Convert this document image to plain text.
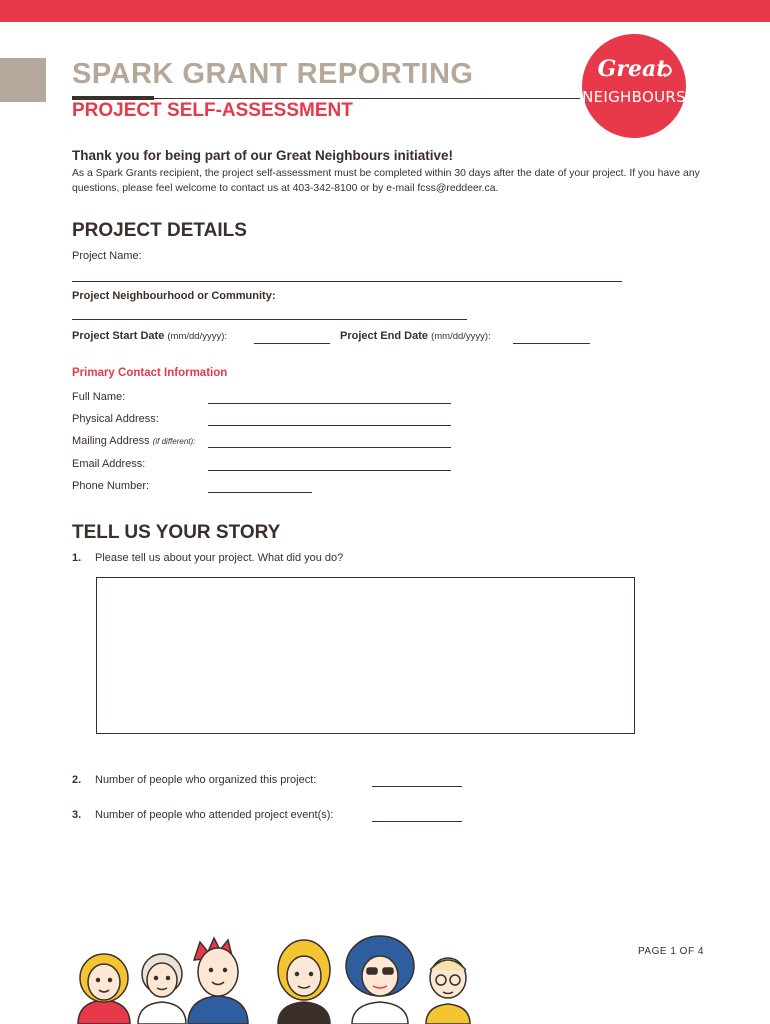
Great
NEIGHBOURS
SPARK GRANT REPORTING
PROJECT SELF-ASSESSMENT
Thank you for being part of our Great Neighbours initiative!
As a Spark Grants recipient, the project self-assessment must be completed within 30 days after the date of your project. If you have any questions, please feel welcome to contact us at 403-342-8100 or by e-mail fcss@reddeer.ca.
PROJECT DETAILS
Project Name:
Project Neighbourhood or Community:
Project Start Date (mm/dd/yyyy):	Project End Date (mm/dd/yyyy):
Primary Contact Information
Full Name:
Physical Address:
Mailing Address (if different):
Email Address:
Phone Number:
TELL US YOUR STORY
1. Please tell us about your project. What did you do?
2. Number of people who organized this project:
3. Number of people who attended project event(s):
PAGE 1 OF 4
